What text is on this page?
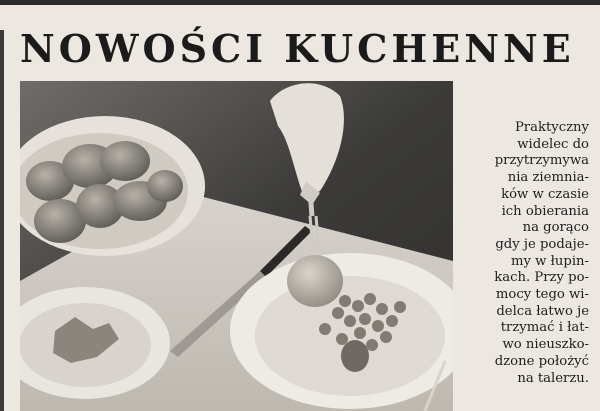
NOWOŚCI KUCHENNE

Praktyczny
widelec do
przytrzymywa
nia ziemnia-
ków w czasie
ich obierania
na gorąco
gdy je podaje-
my w łupin-
kach. Przy po-
mocy tego wi-
delca łatwo je
trzymać i łat-
wo nieuszko-
dzone położyć
na talerzu.
